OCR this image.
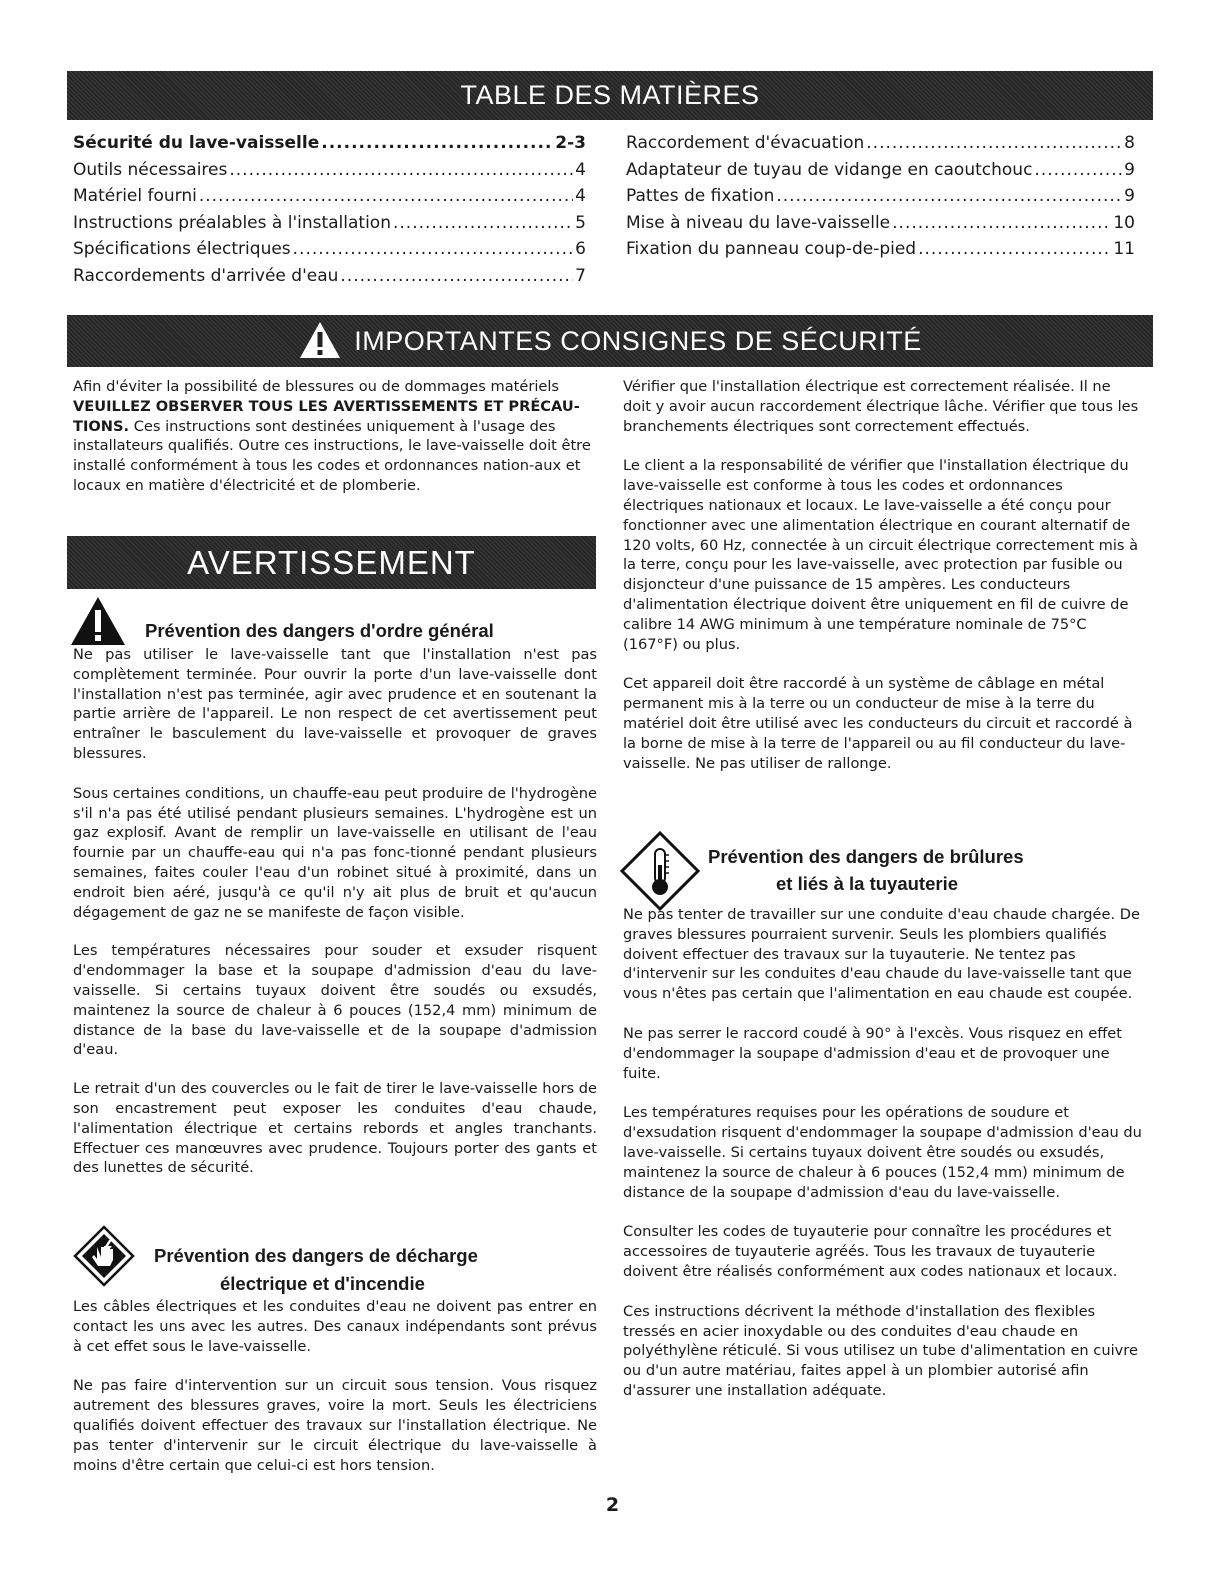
TABLE DES MATIÈRES
Sécurité du lave-vaisselle .....	2-3
Outils nécessaires .....	4
Matériel fourni .....	4
Instructions préalables à l'installation .....	5
Spécifications électriques .....	6
Raccordements d'arrivée d'eau .....	7
Raccordement d'évacuation .....	8
Adaptateur de tuyau de vidange en caoutchouc .....	9
Pattes de fixation .....	9
Mise à niveau du lave-vaisselle .....	10
Fixation du panneau coup-de-pied .....	11
IMPORTANTES CONSIGNES DE SÉCURITÉ

Afin d'éviter la possibilité de blessures ou de dommages matériels VEUILLEZ OBSERVER TOUS LES AVERTISSEMENTS ET PRÉCAU-TIONS. Ces instructions sont destinées uniquement à l'usage des installateurs qualifiés. Outre ces instructions, le lave-vaisselle doit être installé conformément à tous les codes et ordonnances nation-aux et locaux en matière d'électricité et de plomberie.

AVERTISSEMENT
Prévention des dangers d'ordre général

Ne pas utiliser le lave-vaisselle tant que l'installation n'est pas complètement terminée. Pour ouvrir la porte d'un lave-vaisselle dont l'installation n'est pas terminée, agir avec prudence et en soutenant la partie arrière de l'appareil. Le non respect de cet avertissement peut entraîner le basculement du lave-vaisselle et provoquer de graves blessures.

Sous certaines conditions, un chauffe-eau peut produire de l'hydrogène s'il n'a pas été utilisé pendant plusieurs semaines. L'hydrogène est un gaz explosif. Avant de remplir un lave-vaisselle en utilisant de l'eau fournie par un chauffe-eau qui n'a pas fonc-tionné pendant plusieurs semaines, faites couler l'eau d'un robinet situé à proximité, dans un endroit bien aéré, jusqu'à ce qu'il n'y ait plus de bruit et qu'aucun dégagement de gaz ne se manifeste de façon visible.

Les températures nécessaires pour souder et exsuder risquent d'endommager la base et la soupape d'admission d'eau du lave-vaisselle. Si certains tuyaux doivent être soudés ou exsudés, maintenez la source de chaleur à 6 pouces (152,4 mm) minimum de distance de la base du lave-vaisselle et de la soupape d'admission d'eau.

Le retrait d'un des couvercles ou le fait de tirer le lave-vaisselle hors de son encastrement peut exposer les conduites d'eau chaude, l'alimentation électrique et certains rebords et angles tranchants. Effectuer ces manœuvres avec prudence. Toujours porter des gants et des lunettes de sécurité.

Prévention des dangers de décharge
électrique et d'incendie

Les câbles électriques et les conduites d'eau ne doivent pas entrer en contact les uns avec les autres. Des canaux indépendants sont prévus à cet effet sous le lave-vaisselle.

Ne pas faire d'intervention sur un circuit sous tension. Vous risquez autrement des blessures graves, voire la mort. Seuls les électriciens qualifiés doivent effectuer des travaux sur l'installation électrique. Ne pas tenter d'intervenir sur le circuit électrique du lave-vaisselle à moins d'être certain que celui-ci est hors tension.

Vérifier que l'installation électrique est correctement réalisée. Il ne doit y avoir aucun raccordement électrique lâche. Vérifier que tous les branchements électriques sont correctement effectués.

Le client a la responsabilité de vérifier que l'installation électrique du lave-vaisselle est conforme à tous les codes et ordonnances électriques nationaux et locaux. Le lave-vaisselle a été conçu pour fonctionner avec une alimentation électrique en courant alternatif de 120 volts, 60 Hz, connectée à un circuit électrique correctement mis à la terre, conçu pour les lave-vaisselle, avec protection par fusible ou disjoncteur d'une puissance de 15 ampères. Les conducteurs d'alimentation électrique doivent être uniquement en fil de cuivre de calibre 14 AWG minimum à une température nominale de 75°C (167°F) ou plus.

Cet appareil doit être raccordé à un système de câblage en métal permanent mis à la terre ou un conducteur de mise à la terre du matériel doit être utilisé avec les conducteurs du circuit et raccordé à la borne de mise à la terre de l'appareil ou au fil conducteur du lave-vaisselle. Ne pas utiliser de rallonge.

Prévention des dangers de brûlures
et liés à la tuyauterie

Ne pas tenter de travailler sur une conduite d'eau chaude chargée. De graves blessures pourraient survenir. Seuls les plombiers qualifiés doivent effectuer des travaux sur la tuyauterie. Ne tentez pas d'intervenir sur les conduites d'eau chaude du lave-vaisselle tant que vous n'êtes pas certain que l'alimentation en eau chaude est coupée.

Ne pas serrer le raccord coudé à 90° à l'excès. Vous risquez en effet d'endommager la soupape d'admission d'eau et de provoquer une fuite.

Les températures requises pour les opérations de soudure et d'exsudation risquent d'endommager la soupape d'admission d'eau du lave-vaisselle. Si certains tuyaux doivent être soudés ou exsudés, maintenez la source de chaleur à 6 pouces (152,4 mm) minimum de distance de la soupape d'admission d'eau du lave-vaisselle.

Consulter les codes de tuyauterie pour connaître les procédures et accessoires de tuyauterie agréés. Tous les travaux de tuyauterie doivent être réalisés conformément aux codes nationaux et locaux.

Ces instructions décrivent la méthode d'installation des flexibles tressés en acier inoxydable ou des conduites d'eau chaude en polyéthylène réticulé. Si vous utilisez un tube d'alimentation en cuivre ou d'un autre matériau, faites appel à un plombier autorisé afin d'assurer une installation adéquate.

2
